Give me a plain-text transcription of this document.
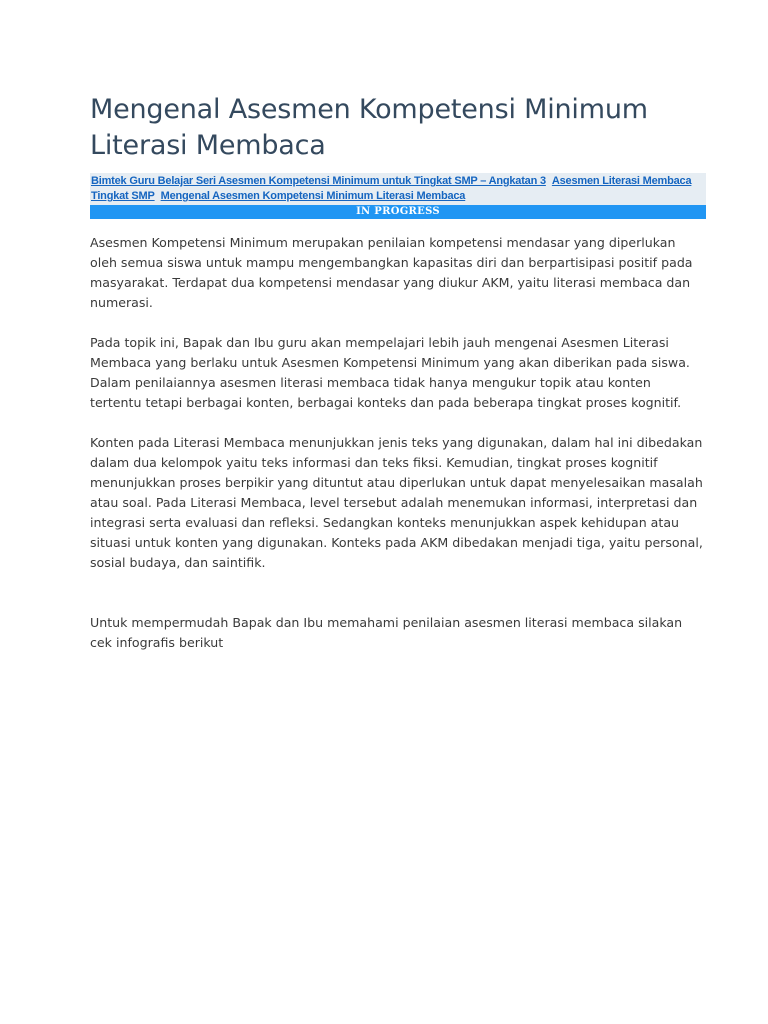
Mengenal Asesmen Kompetensi Minimum Literasi Membaca
Bimtek Guru Belajar Seri Asesmen Kompetensi Minimum untuk Tingkat SMP – Angkatan 3 Asesmen Literasi Membaca Tingkat SMP Mengenal Asesmen Kompetensi Minimum Literasi Membaca
IN PROGRESS

Asesmen Kompetensi Minimum merupakan penilaian kompetensi mendasar yang diperlukan oleh semua siswa untuk mampu mengembangkan kapasitas diri dan berpartisipasi positif pada masyarakat. Terdapat dua kompetensi mendasar yang diukur AKM, yaitu literasi membaca dan numerasi.

Pada topik ini, Bapak dan Ibu guru akan mempelajari lebih jauh mengenai Asesmen Literasi Membaca yang berlaku untuk Asesmen Kompetensi Minimum yang akan diberikan pada siswa. Dalam penilaiannya asesmen literasi membaca tidak hanya mengukur topik atau konten tertentu tetapi berbagai konten, berbagai konteks dan pada beberapa tingkat proses kognitif.

Konten pada Literasi Membaca menunjukkan jenis teks yang digunakan, dalam hal ini dibedakan dalam dua kelompok yaitu teks informasi dan teks fiksi. Kemudian, tingkat proses kognitif menunjukkan proses berpikir yang dituntut atau diperlukan untuk dapat menyelesaikan masalah atau soal. Pada Literasi Membaca, level tersebut adalah menemukan informasi, interpretasi dan integrasi serta evaluasi dan refleksi. Sedangkan konteks menunjukkan aspek kehidupan atau situasi untuk konten yang digunakan. Konteks pada AKM dibedakan menjadi tiga, yaitu personal, sosial budaya, dan saintifik.

Untuk mempermudah Bapak dan Ibu memahami penilaian asesmen literasi membaca silakan cek infografis berikut
